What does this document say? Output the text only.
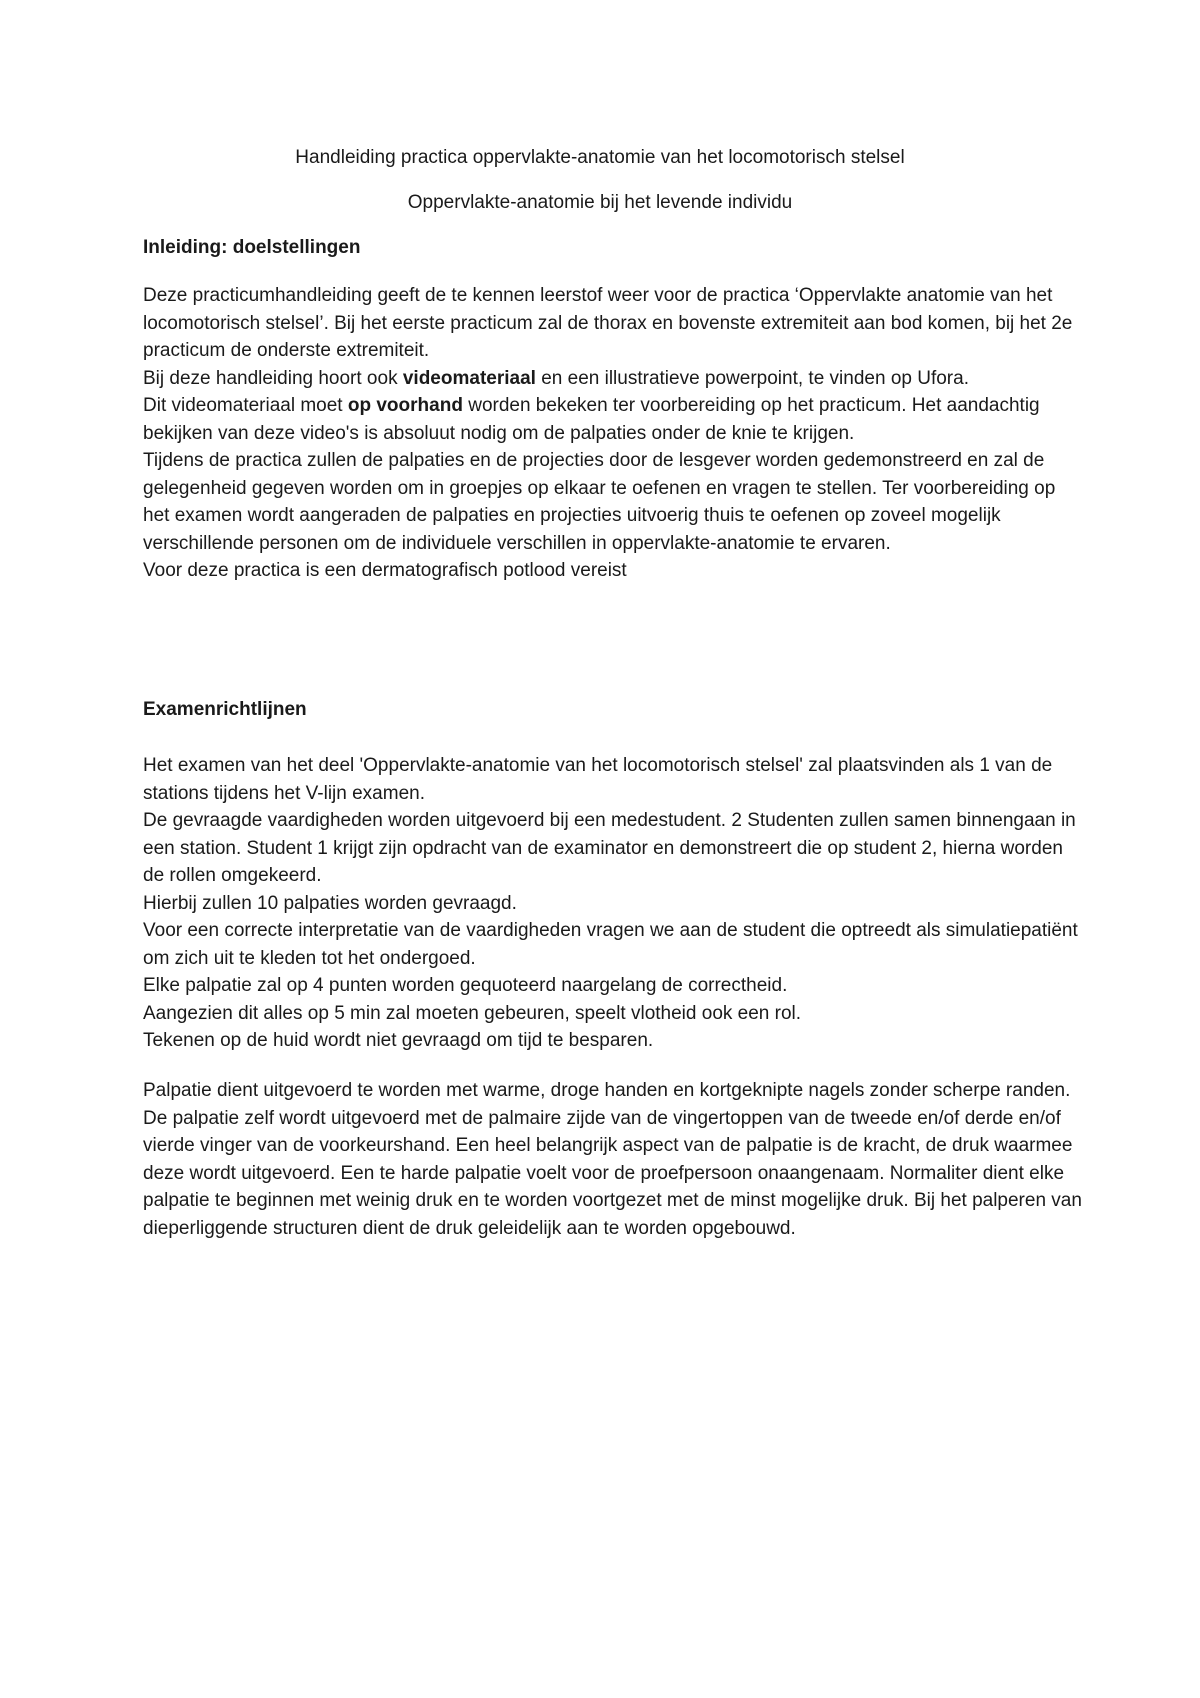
Handleiding practica oppervlakte-anatomie van het locomotorisch stelsel
Oppervlakte-anatomie bij het levende individu
Inleiding: doelstellingen

Deze practicumhandleiding geeft de te kennen leerstof weer voor de practica ‘Oppervlakte anatomie van het locomotorisch stelsel’. Bij het eerste practicum zal de thorax en bovenste extremiteit aan bod komen, bij het 2e practicum de onderste extremiteit.

Bij deze handleiding hoort ook videomateriaal en een illustratieve powerpoint, te vinden op Ufora.

Dit videomateriaal moet op voorhand worden bekeken ter voorbereiding op het practicum. Het aandachtig bekijken van deze video's is absoluut nodig om de palpaties onder de knie te krijgen.

Tijdens de practica zullen de palpaties en de projecties door de lesgever worden gedemonstreerd en zal de gelegenheid gegeven worden om in groepjes op elkaar te oefenen en vragen te stellen. Ter voorbereiding op het examen wordt aangeraden de palpaties en projecties uitvoerig thuis te oefenen op zoveel mogelijk verschillende personen om de individuele verschillen in oppervlakte-anatomie te ervaren.

Voor deze practica is een dermatografisch potlood vereist

Examenrichtlijnen

Het examen van het deel 'Oppervlakte-anatomie van het locomotorisch stelsel' zal plaatsvinden als 1 van de stations tijdens het V-lijn examen.

De gevraagde vaardigheden worden uitgevoerd bij een medestudent. 2 Studenten zullen samen binnengaan in een station. Student 1 krijgt zijn opdracht van de examinator en demonstreert die op student 2, hierna worden de rollen omgekeerd.

Hierbij zullen 10 palpaties worden gevraagd.

Voor een correcte interpretatie van de vaardigheden vragen we aan de student die optreedt als simulatiepatiënt om zich uit te kleden tot het ondergoed.

Elke palpatie zal op 4 punten worden gequoteerd naargelang de correctheid.

Aangezien dit alles op 5 min zal moeten gebeuren, speelt vlotheid ook een rol.

Tekenen op de huid wordt niet gevraagd om tijd te besparen.

Palpatie dient uitgevoerd te worden met warme, droge handen en kortgeknipte nagels zonder scherpe randen. De palpatie zelf wordt uitgevoerd met de palmaire zijde van de vingertoppen van de tweede en/of derde en/of vierde vinger van de voorkeurshand. Een heel belangrijk aspect van de palpatie is de kracht, de druk waarmee deze wordt uitgevoerd. Een te harde palpatie voelt voor de proefpersoon onaangenaam. Normaliter dient elke palpatie te beginnen met weinig druk en te worden voortgezet met de minst mogelijke druk. Bij het palperen van dieperliggende structuren dient de druk geleidelijk aan te worden opgebouwd.
